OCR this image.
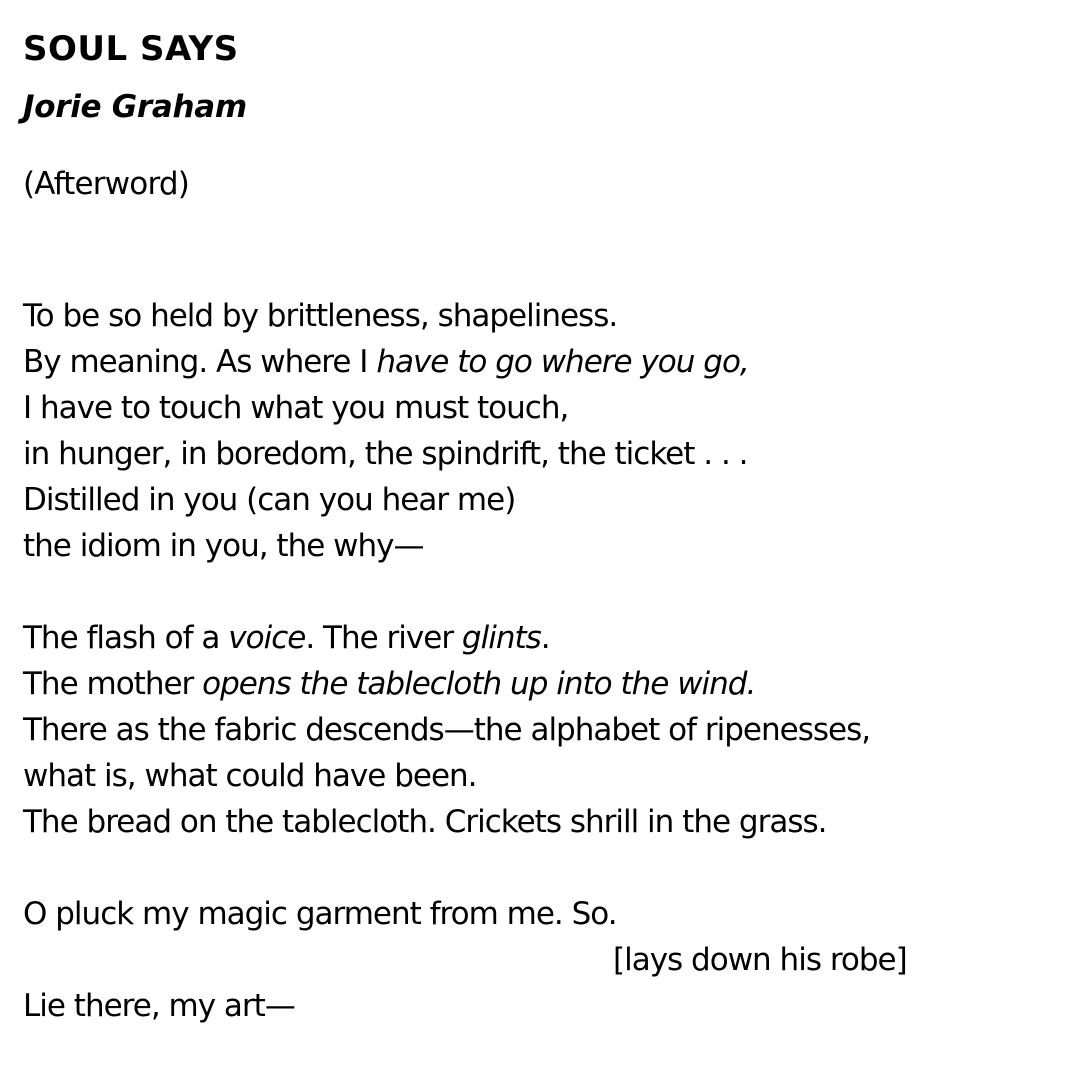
SOUL SAYS
Jorie Graham

(Afterword)

To be so held by brittleness, shapeliness.
By meaning. As where I have to go where you go,
I have to touch what you must touch,
in hunger, in boredom, the spindrift, the ticket . . .
Distilled in you (can you hear me)
the idiom in you, the why—
The flash of a voice. The river glints.
The mother opens the tablecloth up into the wind.
There as the fabric descends—the alphabet of ripenesses,
what is, what could have been.
The bread on the tablecloth. Crickets shrill in the grass.
O pluck my magic garment from me. So.
[lays down his robe]
Lie there, my art—
